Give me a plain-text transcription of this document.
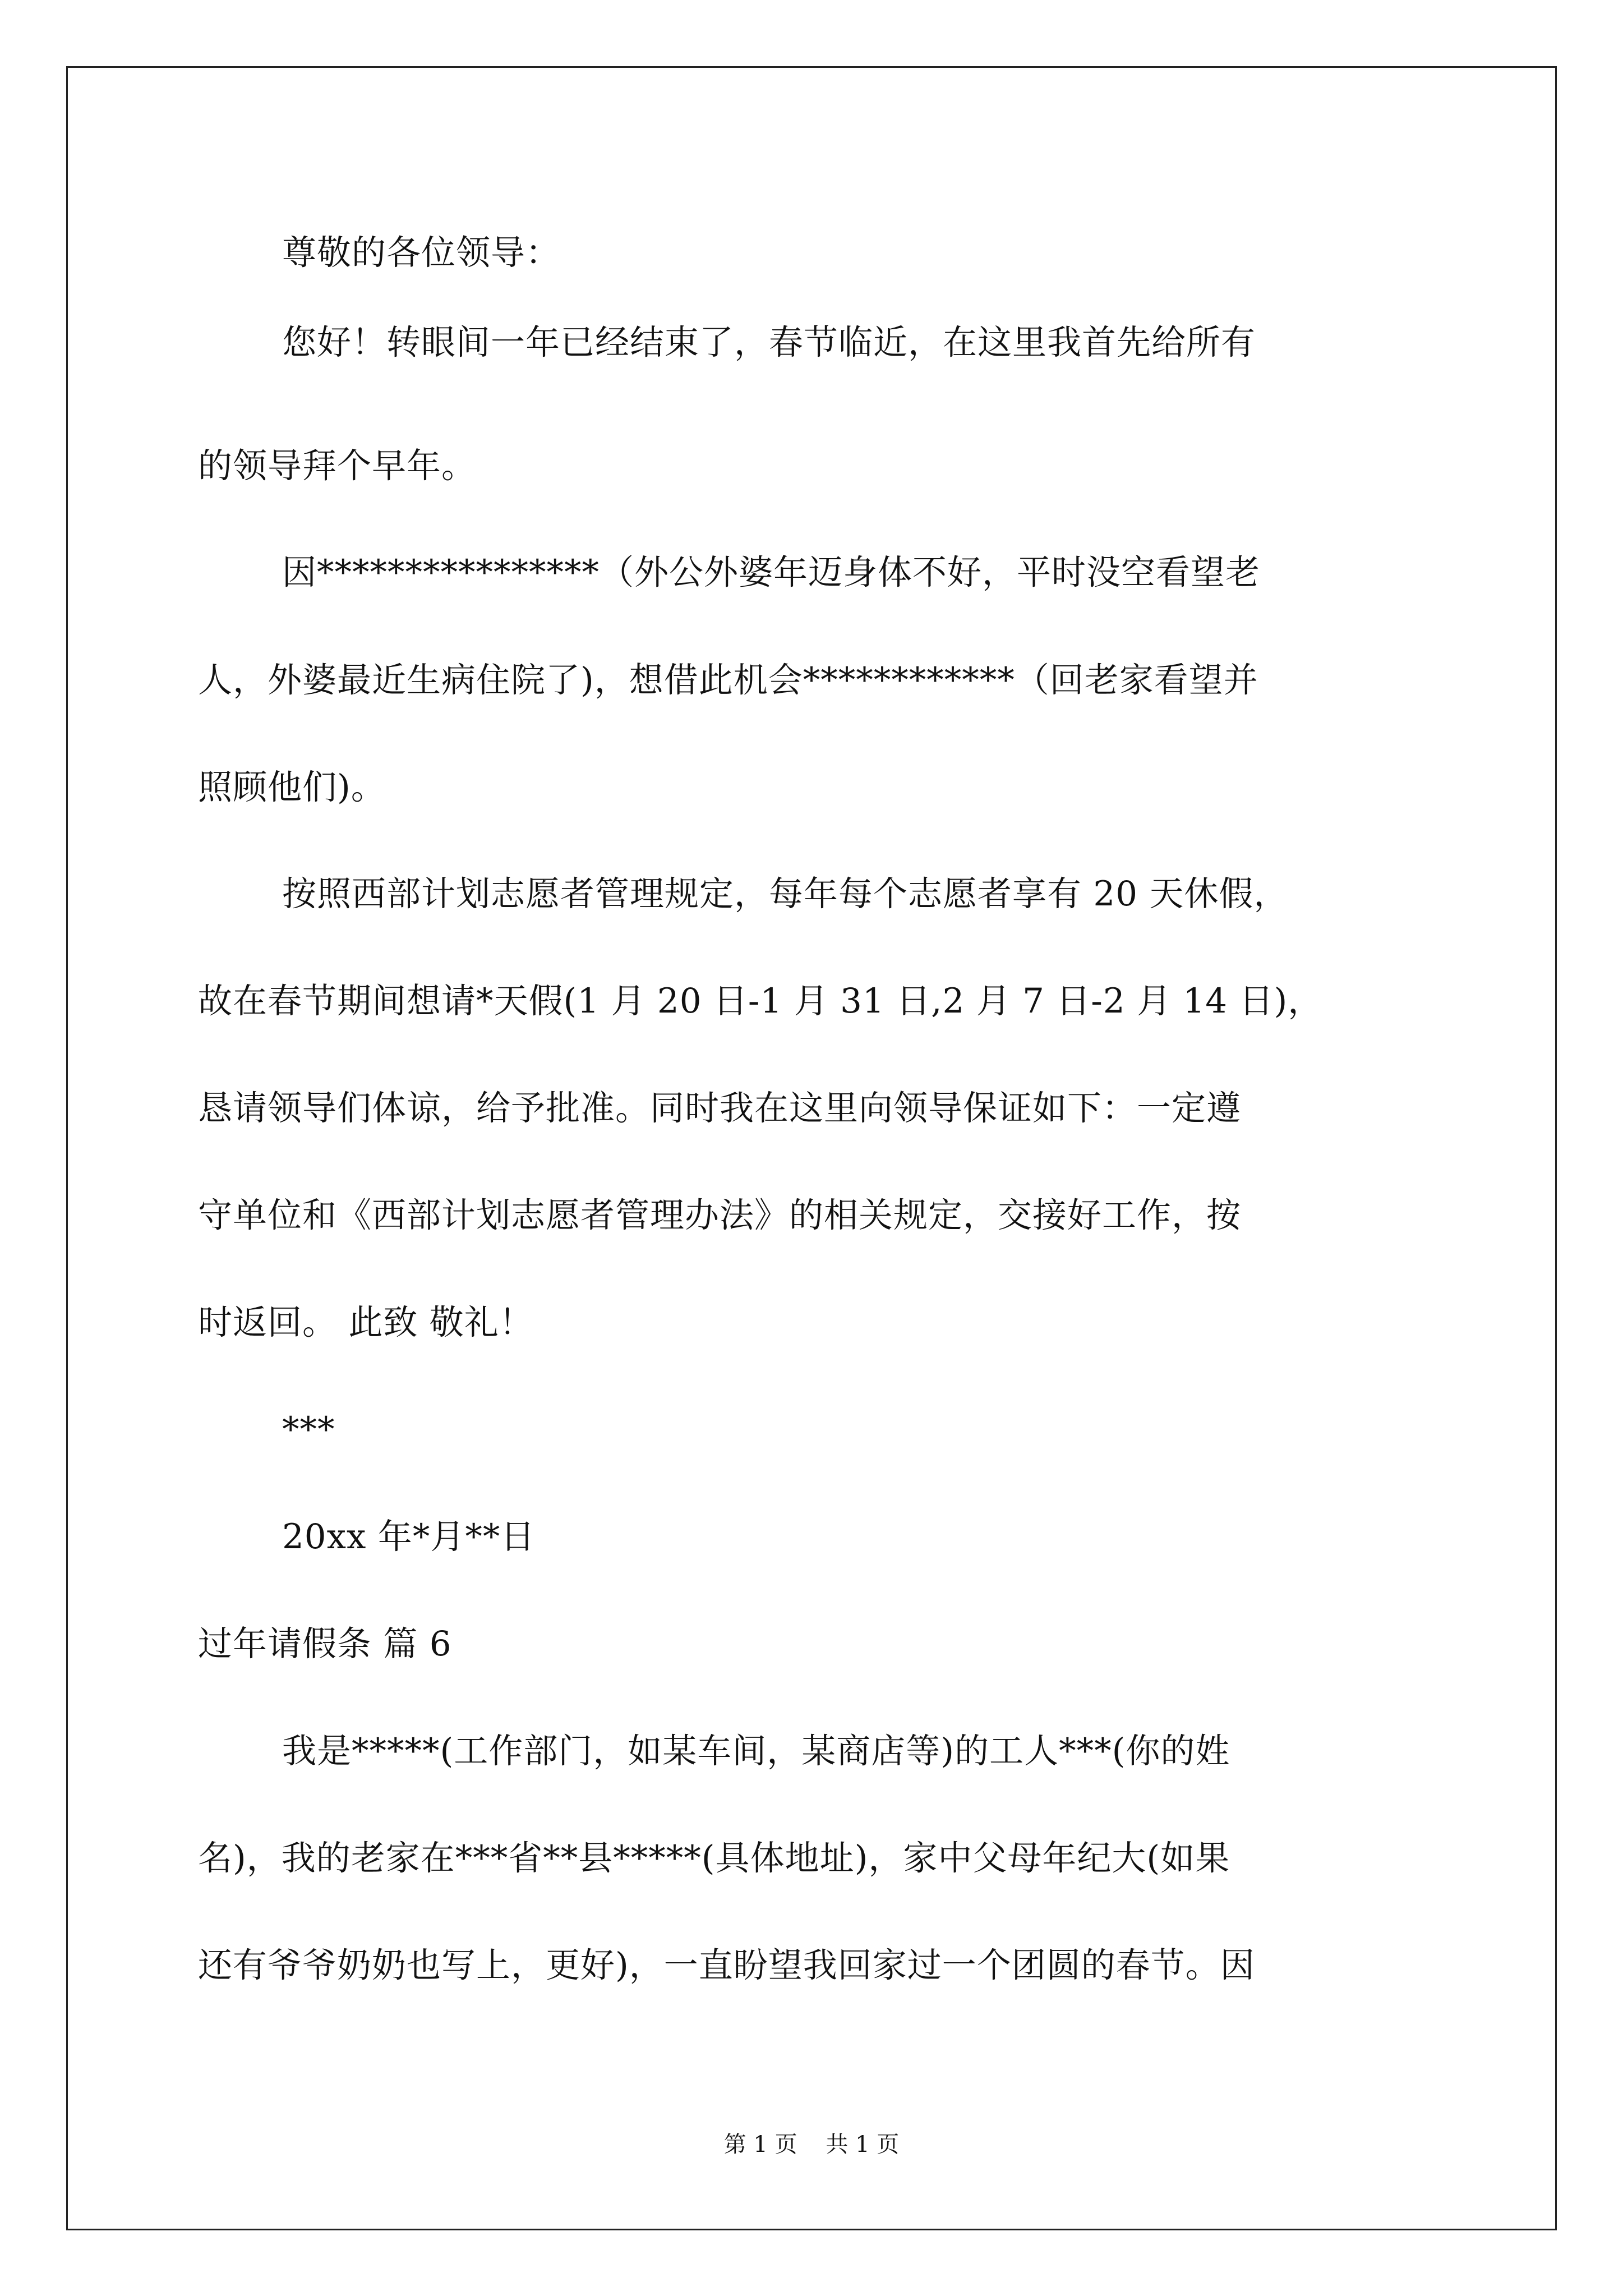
尊敬的各位领导：
您好！转眼间一年已经结束了，春节临近，在这里我首先给所有
的领导拜个早年。
因****************（外公外婆年迈身体不好，平时没空看望老
人，外婆最近生病住院了)，想借此机会************（回老家看望并
照顾他们)。
按照西部计划志愿者管理规定，每年每个志愿者享有 20 天休假，
故在春节期间想请*天假(1 月 20 日-1 月 31 日,2 月 7 日-2 月 14 日)，
恳请领导们体谅，给予批准。同时我在这里向领导保证如下：一定遵
守单位和《西部计划志愿者管理办法》的相关规定，交接好工作，按
时返回。 此致 敬礼！
***
20xx 年*月**日
过年请假条 篇 6
我是*****(工作部门，如某车间，某商店等)的工人***(你的姓
名)，我的老家在***省**县*****(具体地址)，家中父母年纪大(如果
还有爷爷奶奶也写上，更好)，一直盼望我回家过一个团圆的春节。因
第 1 页    共 1 页
